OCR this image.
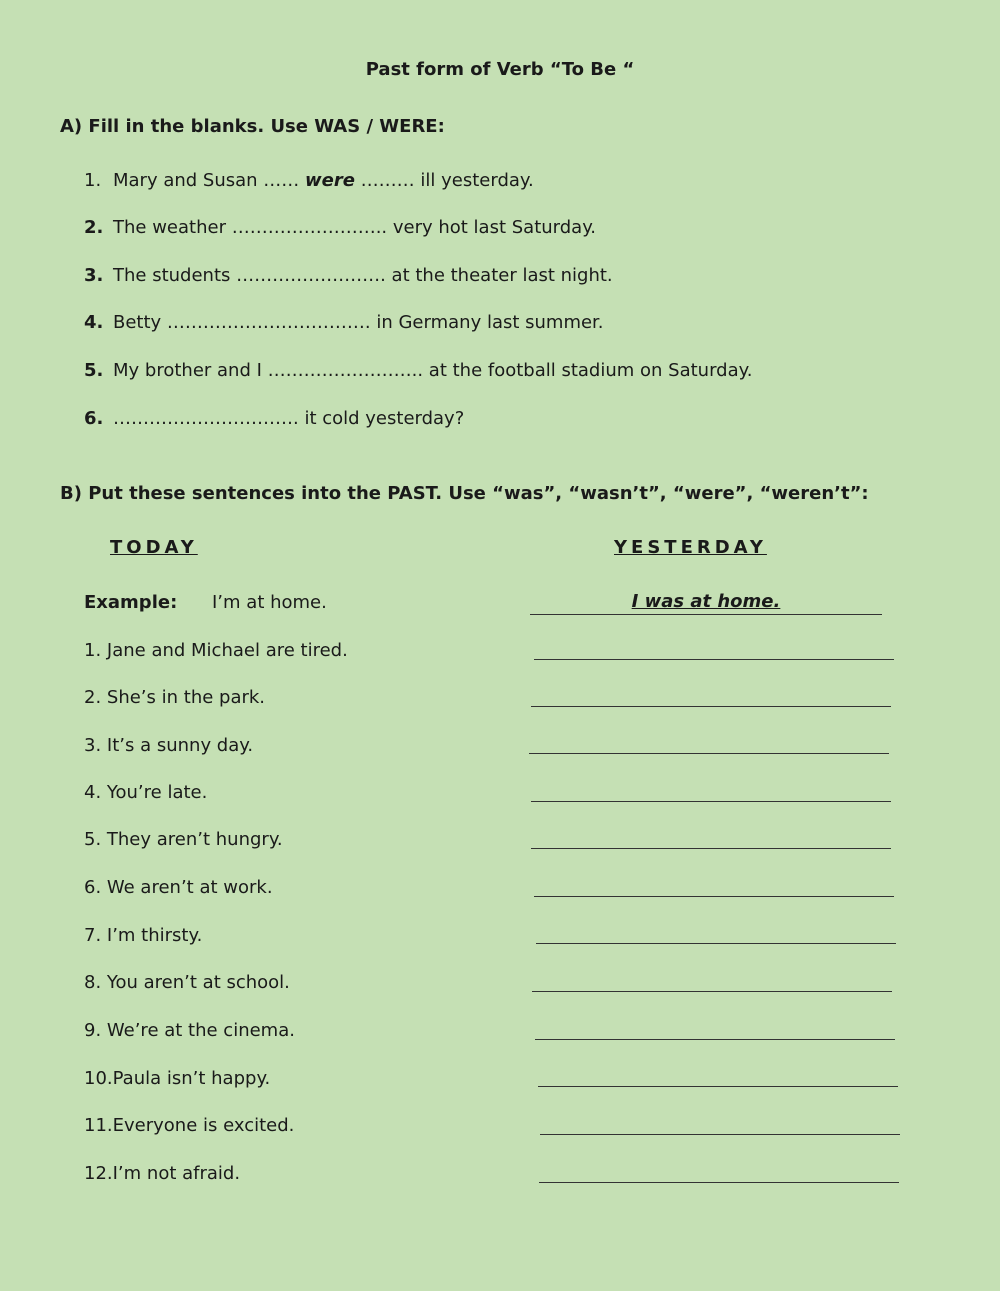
Past form of Verb “To Be “
A) Fill in the blanks. Use WAS / WERE:
1. Mary and Susan …… were ……… ill yesterday.
2. The weather …………………….. very hot last Saturday.
3. The students ……………………. at the theater last night.
4. Betty ……………………………. in Germany last summer.
5. My brother and I …………………….. at the football stadium on Saturday.
6. …………………………. it cold yesterday?
B) Put these sentences into the PAST. Use “was”, “wasn’t”, “were”, “weren’t”:
TODAY	YESTERDAY
Example: I’m at home.	I was at home.
1. Jane and Michael are tired.
2. She’s in the park.
3. It’s a sunny day.
4. You’re late.
5. They aren’t hungry.
6. We aren’t at work.
7. I’m thirsty.
8. You aren’t at school.
9. We’re at the cinema.
10.Paula isn’t happy.
11.Everyone is excited.
12.I’m not afraid.
